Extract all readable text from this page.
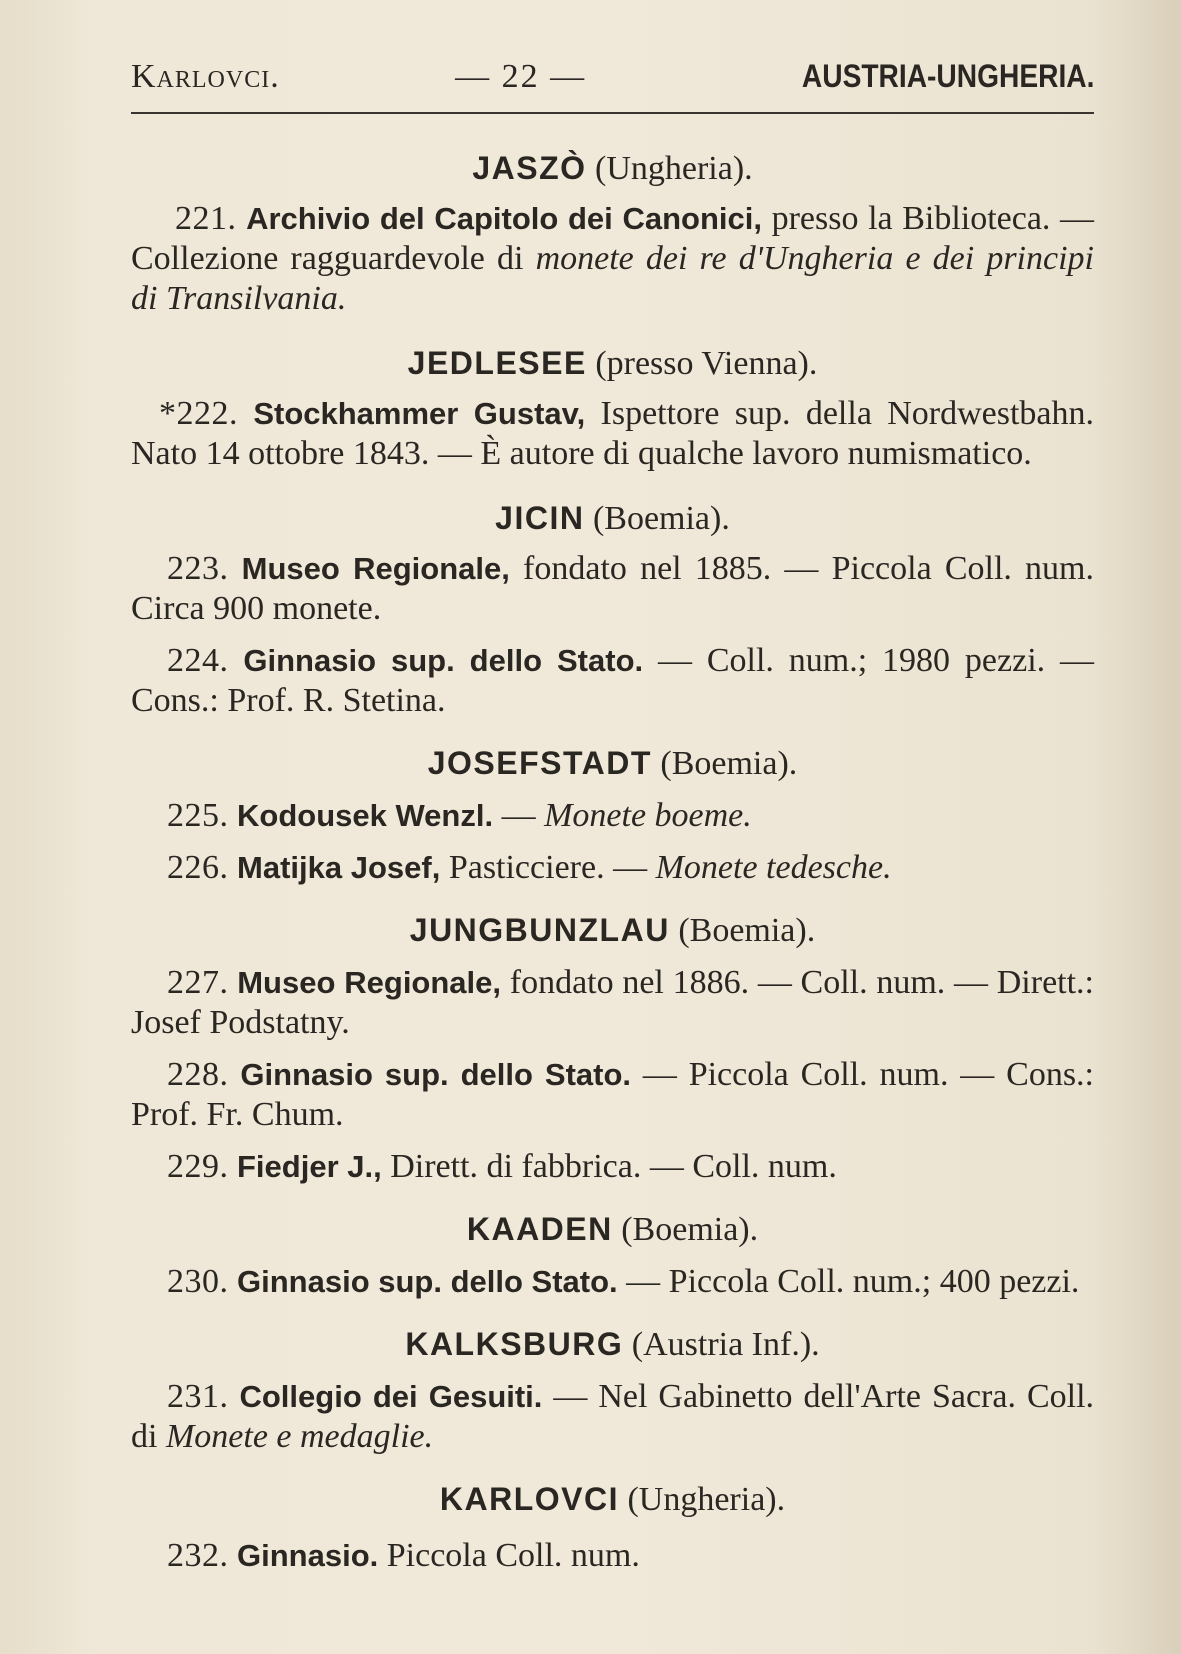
Karlovci.	— 22 —	AUSTRIA-UNGHERIA.
JASZÒ (Ungheria).
221. Archivio del Capitolo dei Canonici, presso la Biblioteca. — Collezione ragguardevole di monete dei re d'Ungheria e dei principi di Transilvania.
JEDLESEE (presso Vienna).
*222. Stockhammer Gustav, Ispettore sup. della Nordwestbahn. Nato 14 ottobre 1843. — È autore di qualche lavoro numismatico.
JICIN (Boemia).
223. Museo Regionale, fondato nel 1885. — Piccola Coll. num. Circa 900 monete.
224. Ginnasio sup. dello Stato. — Coll. num.; 1980 pezzi. — Cons.: Prof. R. Stetina.
JOSEFSTADT (Boemia).
225. Kodousek Wenzl. — Monete boeme.
226. Matijka Josef, Pasticciere. — Monete tedesche.
JUNGBUNZLAU (Boemia).
227. Museo Regionale, fondato nel 1886. — Coll. num. — Dirett.: Josef Podstatny.
228. Ginnasio sup. dello Stato. — Piccola Coll. num. — Cons.: Prof. Fr. Chum.
229. Fiedjer J., Dirett. di fabbrica. — Coll. num.
KAADEN (Boemia).
230. Ginnasio sup. dello Stato. — Piccola Coll. num.; 400 pezzi.
KALKSBURG (Austria Inf.).
231. Collegio dei Gesuiti. — Nel Gabinetto dell'Arte Sacra. Coll. di Monete e medaglie.
KARLOVCI (Ungheria).
232. Ginnasio. Piccola Coll. num.
